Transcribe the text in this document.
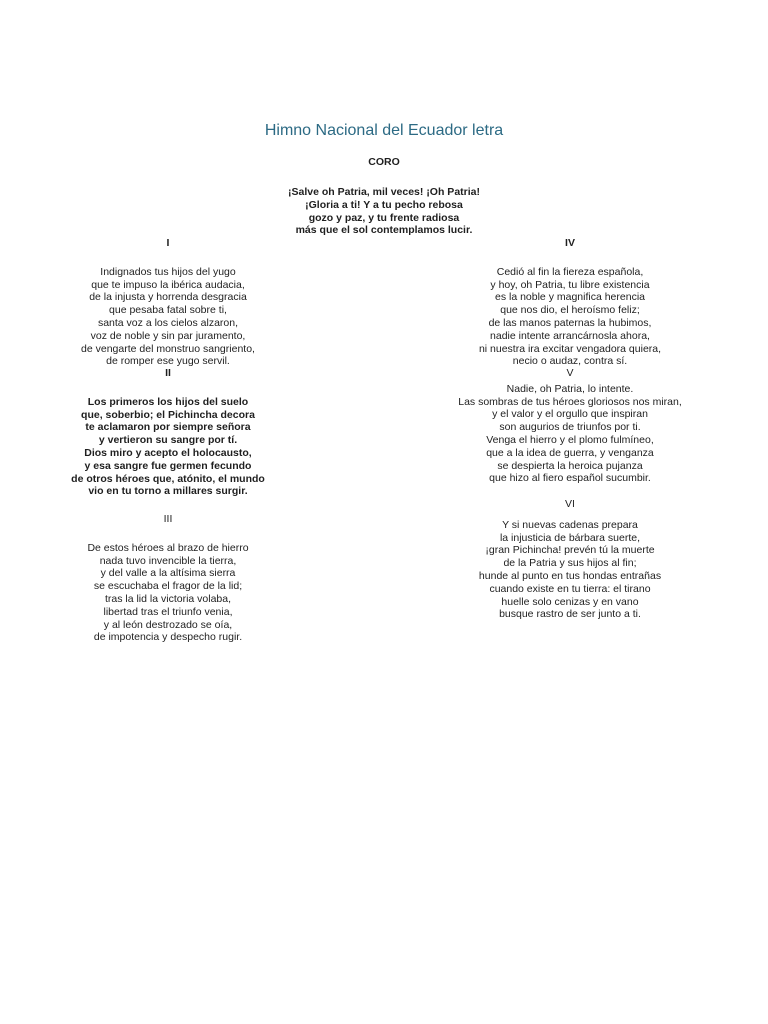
Himno Nacional del Ecuador letra
CORO
¡Salve oh Patria, mil veces! ¡Oh Patria!
¡Gloria a ti! Y a tu pecho rebosa
gozo y paz, y tu frente radiosa
más que el sol contemplamos lucir.
I
Indignados tus hijos del yugo
que te impuso la ibérica audacia,
de la injusta y horrenda desgracia
que pesaba fatal sobre ti,
santa voz a los cielos alzaron,
voz de noble y sin par juramento,
de vengarte del monstruo sangriento,
de romper ese yugo servil.
II
Los primeros los hijos del suelo
que, soberbio; el Pichincha decora
te aclamaron por siempre señora
y vertieron su sangre por tí.
Dios miro y acepto el holocausto,
y esa sangre fue germen fecundo
de otros héroes que, atónito, el mundo
vio en tu torno a millares surgir.
III
De estos héroes al brazo de hierro
nada tuvo invencible la tierra,
y del valle a la altísima sierra
se escuchaba el fragor de la lid;
tras la lid la victoria volaba,
libertad tras el triunfo venia,
y al león destrozado se oía,
de impotencia y despecho rugir.
IV
Cedió al fin la fiereza española,
y hoy, oh Patria, tu libre existencia
es la noble y magnifica herencia
que nos dio, el heroísmo feliz;
de las manos paternas la hubimos,
nadie intente arrancárnosla ahora,
ni nuestra ira excitar vengadora quiera,
necio o audaz, contra sí.
V
Nadie, oh Patria, lo intente.
Las sombras de tus héroes gloriosos nos miran,
y el valor y el orgullo que inspiran
son augurios de triunfos por ti.
Venga el hierro y el plomo fulmíneo,
que a la idea de guerra, y venganza
se despierta la heroica pujanza
que hizo al fiero español sucumbir.
VI
Y si nuevas cadenas prepara
la injusticia de bárbara suerte,
¡gran Pichincha! prevén tú la muerte
de la Patria y sus hijos al fin;
hunde al punto en tus hondas entrañas
cuando existe en tu tierra: el tirano
huelle solo cenizas y en vano
busque rastro de ser junto a ti.
